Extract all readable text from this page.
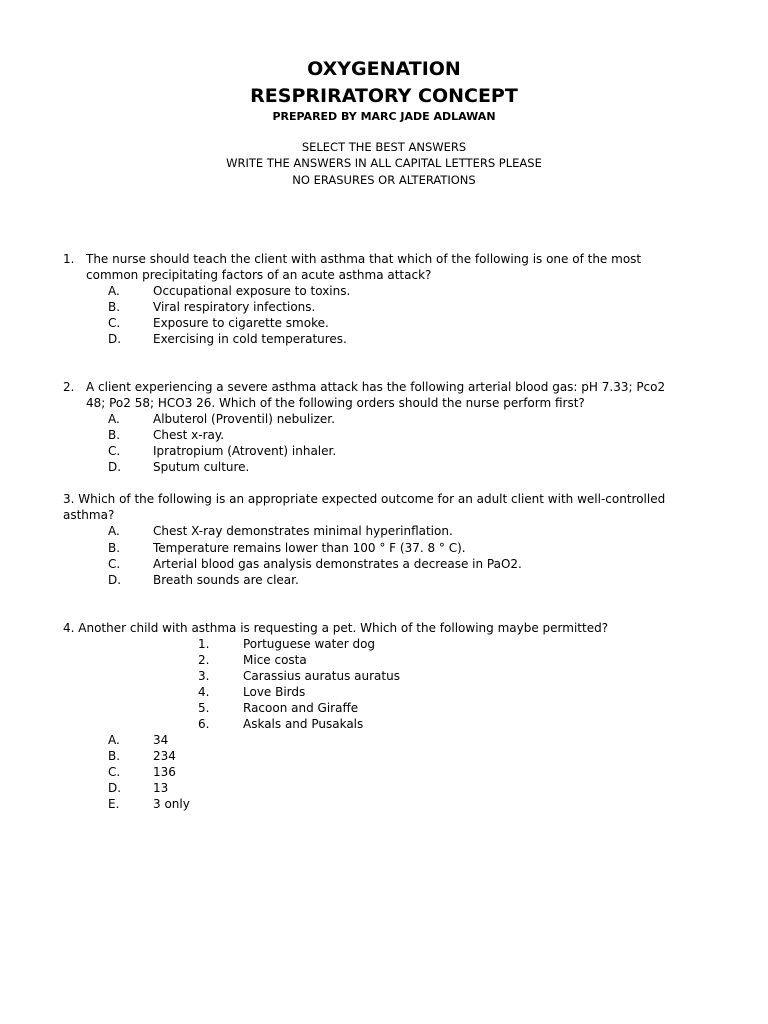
OXYGENATION
RESPRIRATORY CONCEPT
PREPARED BY MARC JADE ADLAWAN
SELECT THE BEST ANSWERS
WRITE THE ANSWERS IN ALL CAPITAL LETTERS PLEASE
NO ERASURES OR ALTERATIONS
1. The nurse should teach the client with asthma that which of the following is one of the most
common precipitating factors of an acute asthma attack?
A.	Occupational exposure to toxins.
B.	Viral respiratory infections.
C.	Exposure to cigarette smoke.
D.	Exercising in cold temperatures.
2. A client experiencing a severe asthma attack has the following arterial blood gas: pH 7.33; Pco2
48; Po2 58; HCO3 26. Which of the following orders should the nurse perform first?
A.	Albuterol (Proventil) nebulizer.
B.	Chest x-ray.
C.	Ipratropium (Atrovent) inhaler.
D.	Sputum culture.
3. Which of the following is an appropriate expected outcome for an adult client with well-controlled
asthma?
A.	Chest X-ray demonstrates minimal hyperinflation.
B.	Temperature remains lower than 100 ° F (37. 8 ° C).
C.	Arterial blood gas analysis demonstrates a decrease in PaO2.
D.	Breath sounds are clear.
4. Another child with asthma is requesting a pet. Which of the following maybe permitted?
1.	Portuguese water dog
2.	Mice costa
3.	Carassius auratus auratus
4.	Love Birds
5.	Racoon and Giraffe
6.	Askals and Pusakals
A.	34
B.	234
C.	136
D.	13
E.	3 only
